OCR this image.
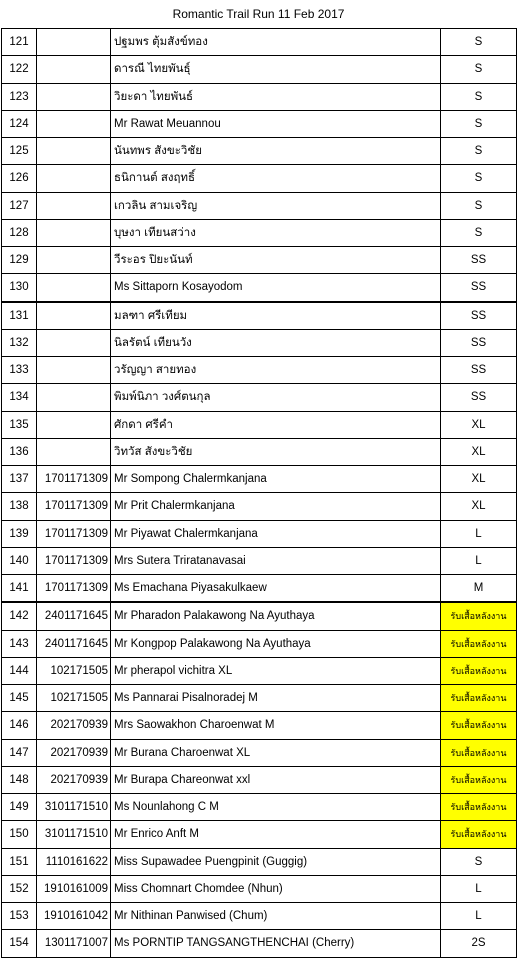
Romantic Trail Run 11 Feb 2017
121		ปฐมพร ตุ้มสังข์ทอง	S
122		ดารณี ไทยพันธุ์	S
123		วิยะดา ไทยพันธ์	S
124		Mr Rawat Meuannou	S
125		นันทพร สังขะวิชัย	S
126		ธนิกานต์ สงฤทธิ์	S
127		เกวลิน สามเจริญ	S
128		บุษงา เทียนสว่าง	S
129		วีระอร ปิยะนันท์	SS
130		Ms Sittaporn Kosayodom	SS
131		มลฑา ศรีเทียม	SS
132		นิลรัตน์ เทียนวัง	SS
133		วรัญญา สายทอง	SS
134		พิมพ์นิภา วงศ์ตนกุล	SS
135		ศักดา ศรีคำ	XL
136		วิทวัส สังขะวิชัย	XL
137	1701171309	Mr Sompong Chalermkanjana	XL
138	1701171309	Mr Prit Chalermkanjana	XL
139	1701171309	Mr Piyawat Chalermkanjana	L
140	1701171309	Mrs Sutera Triratanavasai	L
141	1701171309	Ms Emachana Piyasakulkaew	M
142	2401171645	Mr Pharadon Palakawong Na Ayuthaya	รับเสื้อหลังงาน
143	2401171645	Mr Kongpop Palakawong Na Ayuthaya	รับเสื้อหลังงาน
144	102171505	Mr pherapol vichitra XL	รับเสื้อหลังงาน
145	102171505	Ms Pannarai Pisalnoradej M	รับเสื้อหลังงาน
146	202170939	Mrs Saowakhon Charoenwat M	รับเสื้อหลังงาน
147	202170939	Mr Burana Charoenwat XL	รับเสื้อหลังงาน
148	202170939	Mr Burapa Chareonwat xxl	รับเสื้อหลังงาน
149	3101171510	Ms Nounlahong C M	รับเสื้อหลังงาน
150	3101171510	Mr Enrico Anft M	รับเสื้อหลังงาน
151	1110161622	Miss Supawadee Puengpinit (Guggig)	S
152	1910161009	Miss Chomnart Chomdee (Nhun)	L
153	1910161042	Mr Nithinan Panwised (Chum)	L
154	1301171007	Ms PORNTIP TANGSANGTHENCHAI (Cherry)	2S
